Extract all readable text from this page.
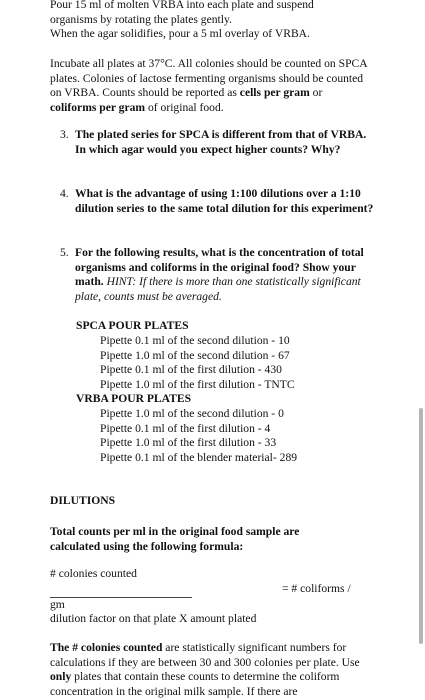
Pour 15 ml of molten VRBA into each plate and suspend

organisms by rotating the plates gently.

When the agar solidifies, pour a 5 ml overlay of VRBA.

Incubate all plates at 37°C. All colonies should be counted on SPCA plates. Colonies of lactose fermenting organisms should be counted on VRBA. Counts should be reported as cells per gram or coliforms per gram of original food.

3. The plated series for SPCA is different from that of VRBA. In which agar would you expect higher counts? Why?

4. What is the advantage of using 1:100 dilutions over a 1:10 dilution series to the same total dilution for this experiment?

5. For the following results, what is the concentration of total organisms and coliforms in the original food? Show your math. HINT: If there is more than one statistically significant plate, counts must be averaged.

SPCA POUR PLATES
Pipette 0.1 ml of the second dilution - 10
Pipette 1.0 ml of the second dilution - 67
Pipette 0.1 ml of the first dilution - 430
Pipette 1.0 ml of the first dilution - TNTC
VRBA POUR PLATES
Pipette 1.0 ml of the second dilution - 0
Pipette 0.1 ml of the first dilution - 4
Pipette 1.0 ml of the first dilution - 33
Pipette 0.1 ml of the blender material- 289
DILUTIONS

Total counts per ml in the original food sample are calculated using the following formula:

# colonies counted
= # coliforms /
gm
dilution factor on that plate X amount plated

The # colonies counted are statistically significant numbers for calculations if they are between 30 and 300 colonies per plate. Use only plates that contain these counts to determine the coliform concentration in the original milk sample. If there are
